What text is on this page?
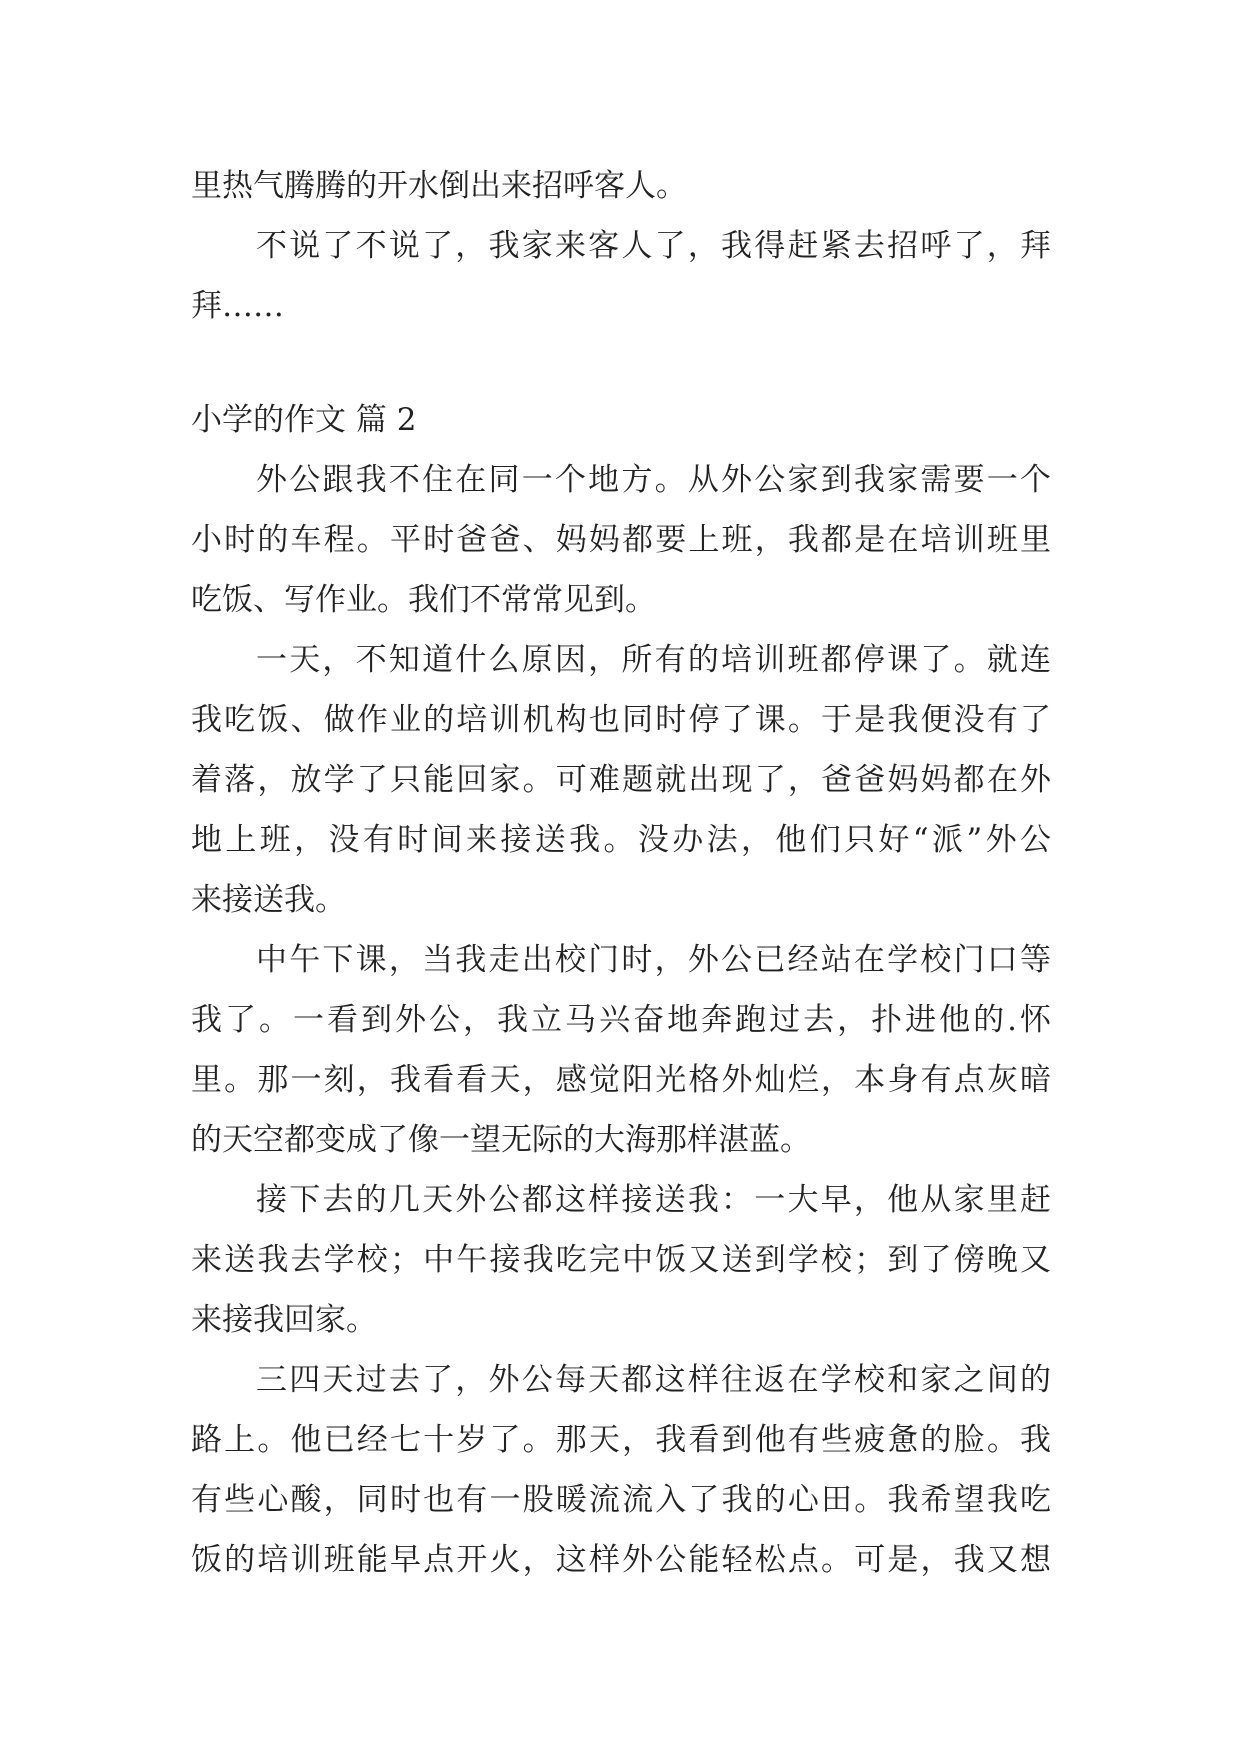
里热气腾腾的开水倒出来招呼客人。
不说了不说了，我家来客人了，我得赶紧去招呼了，拜
拜……
小学的作文 篇 2
外公跟我不住在同一个地方。从外公家到我家需要一个
小时的车程。平时爸爸、妈妈都要上班，我都是在培训班里
吃饭、写作业。我们不常常见到。
一天，不知道什么原因，所有的培训班都停课了。就连
我吃饭、做作业的培训机构也同时停了课。于是我便没有了
着落，放学了只能回家。可难题就出现了，爸爸妈妈都在外
地上班，没有时间来接送我。没办法，他们只好“派”外公
来接送我。
中午下课，当我走出校门时，外公已经站在学校门口等
我了。一看到外公，我立马兴奋地奔跑过去，扑进他的.怀
里。那一刻，我看看天，感觉阳光格外灿烂，本身有点灰暗
的天空都变成了像一望无际的大海那样湛蓝。
接下去的几天外公都这样接送我：一大早，他从家里赶
来送我去学校；中午接我吃完中饭又送到学校；到了傍晚又
来接我回家。
三四天过去了，外公每天都这样往返在学校和家之间的
路上。他已经七十岁了。那天，我看到他有些疲惫的脸。我
有些心酸，同时也有一股暖流流入了我的心田。我希望我吃
饭的培训班能早点开火，这样外公能轻松点。可是，我又想
